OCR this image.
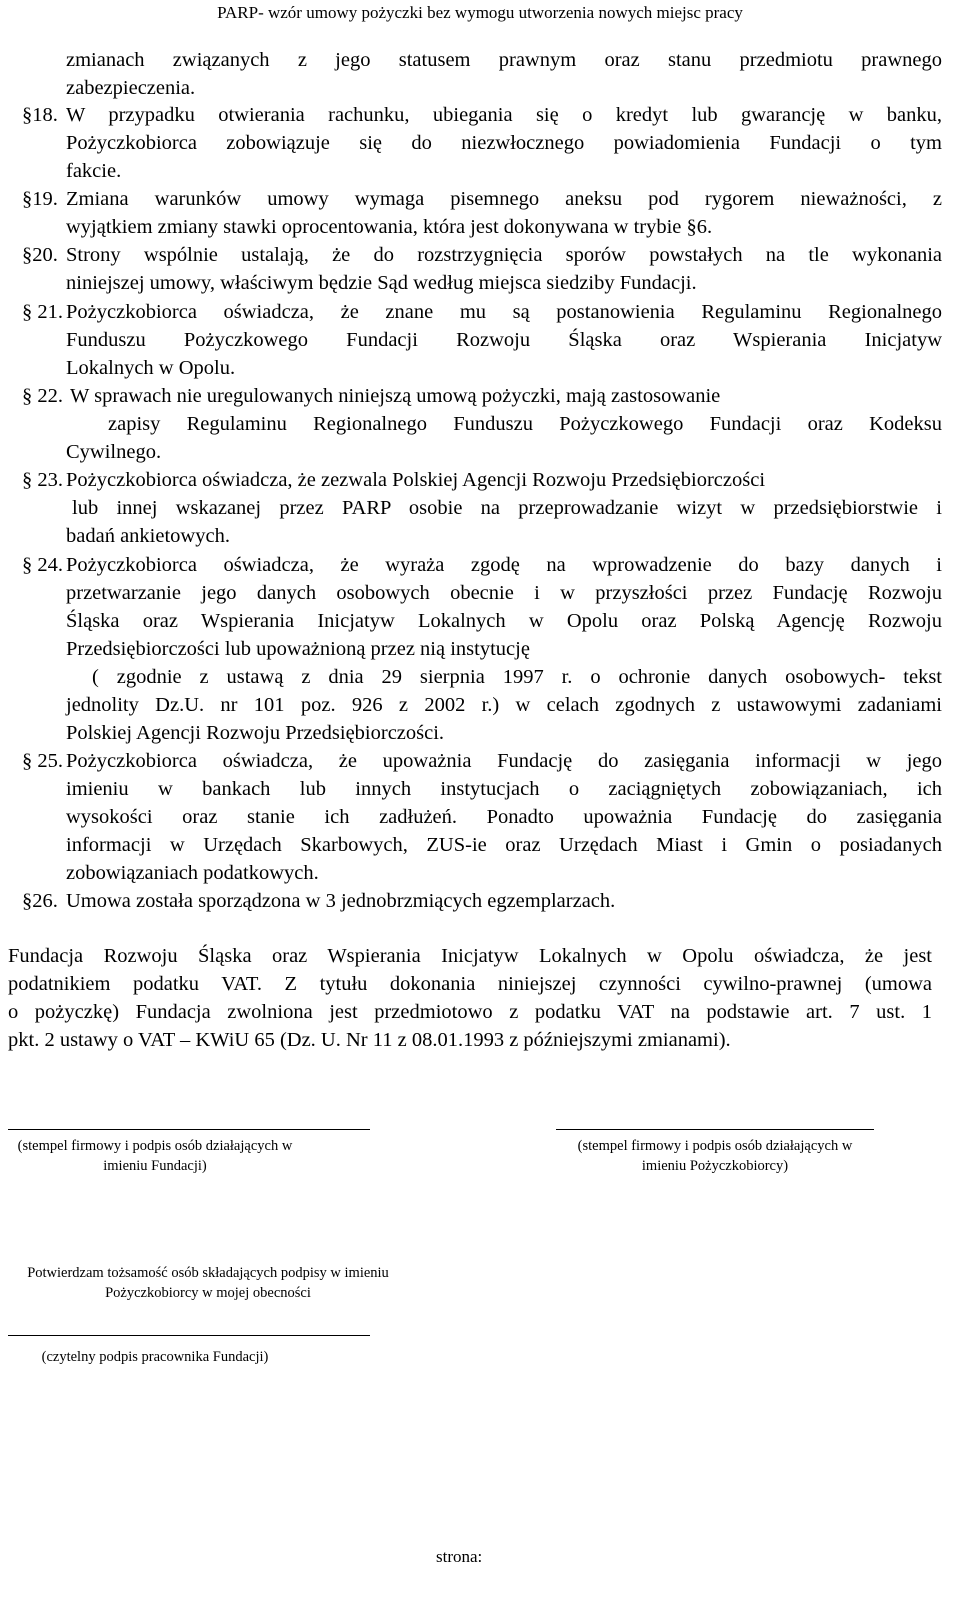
PARP- wzór umowy pożyczki bez wymogu utworzenia nowych miejsc pracy
zmianach związanych z jego statusem prawnym oraz stanu przedmiotu prawnego
zabezpieczenia.
§18. W przypadku otwierania rachunku, ubiegania się o kredyt lub gwarancję w banku,
Pożyczkobiorca zobowiązuje się do niezwłocznego powiadomienia Fundacji o tym
fakcie.
§19. Zmiana warunków umowy wymaga pisemnego aneksu pod rygorem nieważności, z
wyjątkiem zmiany stawki oprocentowania, która jest dokonywana w trybie §6.
§20. Strony wspólnie ustalają, że do rozstrzygnięcia sporów powstałych na tle wykonania
niniejszej umowy, właściwym będzie Sąd według miejsca siedziby Fundacji.
§ 21. Pożyczkobiorca oświadcza, że znane mu są postanowienia Regulaminu Regionalnego
Funduszu Pożyczkowego Fundacji Rozwoju Śląska oraz Wspierania Inicjatyw
Lokalnych w Opolu.
§ 22. W sprawach nie uregulowanych niniejszą umową pożyczki, mają zastosowanie
zapisy Regulaminu Regionalnego Funduszu Pożyczkowego Fundacji oraz Kodeksu
Cywilnego.
§ 23. Pożyczkobiorca oświadcza, że zezwala Polskiej Agencji Rozwoju Przedsiębiorczości
lub innej wskazanej przez PARP osobie na przeprowadzanie wizyt w przedsiębiorstwie i
badań ankietowych.
§ 24. Pożyczkobiorca oświadcza, że wyraża zgodę na wprowadzenie do bazy danych i
przetwarzanie jego danych osobowych obecnie i w przyszłości przez Fundację Rozwoju
Śląska oraz Wspierania Inicjatyw Lokalnych w Opolu oraz Polską Agencję Rozwoju
Przedsiębiorczości lub upoważnioną przez nią instytucję
( zgodnie z ustawą z dnia 29 sierpnia 1997 r. o ochronie danych osobowych- tekst
jednolity Dz.U. nr 101 poz. 926 z 2002 r.) w celach zgodnych z ustawowymi zadaniami
Polskiej Agencji Rozwoju Przedsiębiorczości.
§ 25. Pożyczkobiorca oświadcza, że upoważnia Fundację do zasięgania informacji w jego
imieniu w bankach lub innych instytucjach o zaciągniętych zobowiązaniach, ich
wysokości oraz stanie ich zadłużeń. Ponadto upoważnia Fundację do zasięgania
informacji w Urzędach Skarbowych, ZUS-ie oraz Urzędach Miast i Gmin o posiadanych
zobowiązaniach podatkowych.
§26. Umowa została sporządzona w 3 jednobrzmiących egzemplarzach.
Fundacja Rozwoju Śląska oraz Wspierania Inicjatyw Lokalnych w Opolu oświadcza, że jest
podatnikiem podatku VAT. Z tytułu dokonania niniejszej czynności cywilno-prawnej (umowa
o pożyczkę) Fundacja zwolniona jest przedmiotowo z podatku VAT na podstawie art. 7 ust. 1
pkt. 2 ustawy o VAT – KWiU 65 (Dz. U. Nr 11 z 08.01.1993 z późniejszymi zmianami).
(stempel firmowy i podpis osób działających w
imieniu Fundacji)
(stempel firmowy i podpis osób działających w
imieniu Pożyczkobiorcy)
Potwierdzam tożsamość osób składających podpisy w imieniu
Pożyczkobiorcy w mojej obecności
(czytelny podpis pracownika Fundacji)
strona:
